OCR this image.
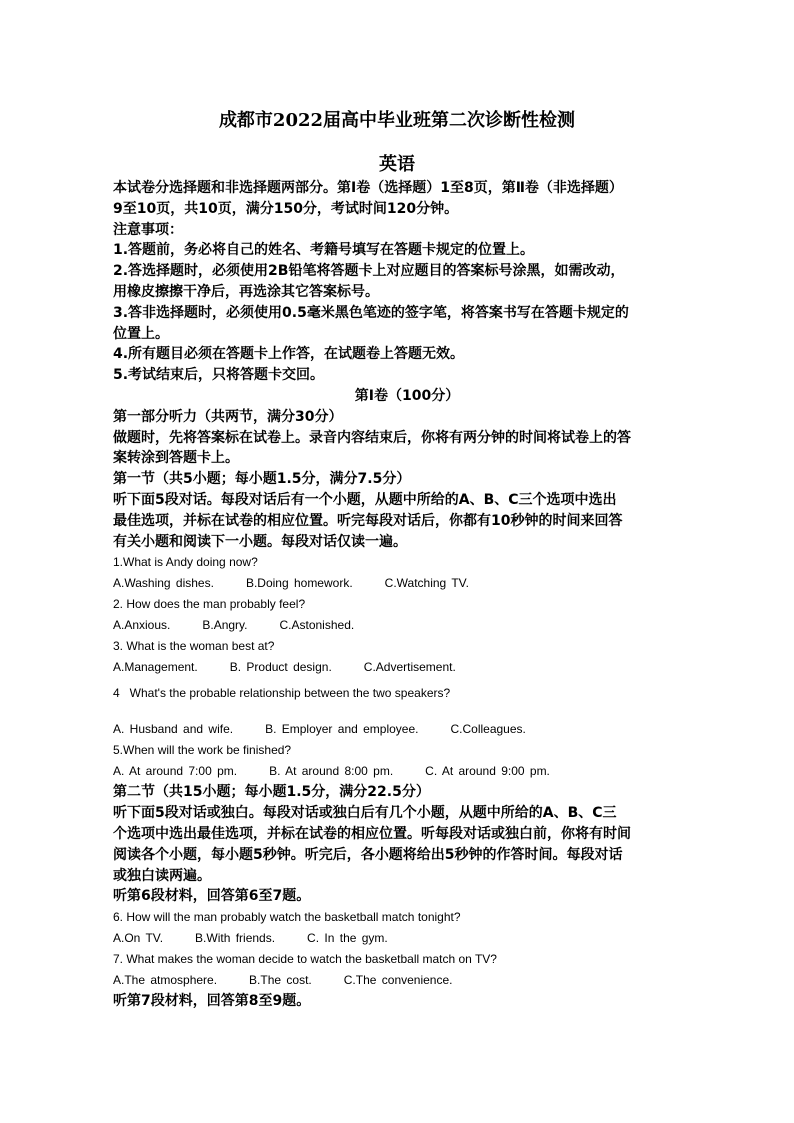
成都市2022届高中毕业班第二次诊断性检测
英语

本试卷分选择题和非选择题两部分。第Ⅰ卷（选择题）1至8页，第Ⅱ卷（非选择题）

9至10页，共10页，满分150分，考试时间120分钟。

注意事项：

1.答题前，务必将自己的姓名、考籍号填写在答题卡规定的位置上。

2.答选择题时，必须使用2B铅笔将答题卡上对应题目的答案标号涂黑，如需改动，

用橡皮擦擦干净后，再选涂其它答案标号。

3.答非选择题时，必须使用0.5毫米黑色笔迹的签字笔，将答案书写在答题卡规定的

位置上。

4.所有题目必须在答题卡上作答，在试题卷上答题无效。

5.考试结束后，只将答题卡交回。

第Ⅰ卷（100分）

第一部分听力（共两节，满分30分）

做题时，先将答案标在试卷上。录音内容结束后，你将有两分钟的时间将试卷上的答

案转涂到答题卡上。

第一节（共5小题；每小题1.5分，满分7.5分）

听下面5段对话。每段对话后有一个小题，从题中所给的A、B、C三个选项中选出

最佳选项，并标在试卷的相应位置。听完每段对话后，你都有10秒钟的时间来回答

有关小题和阅读下一小题。每段对话仅读一遍。

1.What is Andy doing now?

A.Washing dishes.      B.Doing homework.      C.Watching TV.

2. How does the man probably feel?

A.Anxious.      B.Angry.      C.Astonished.

3. What is the woman best at?

A.Management.      B. Product design.      C.Advertisement.

4   What's the probable relationship between the two speakers?

A. Husband and wife.      B. Employer and employee.      C.Colleagues.

5.When will the work be finished?

A. At around 7:00 pm.      B. At around 8:00 pm.      C. At around 9:00 pm.

第二节（共15小题；每小题1.5分，满分22.5分）

听下面5段对话或独白。每段对话或独白后有几个小题，从题中所给的A、B、C三

个选项中选出最佳选项，并标在试卷的相应位置。听每段对话或独白前，你将有时间

阅读各个小题，每小题5秒钟。听完后，各小题将给出5秒钟的作答时间。每段对话

或独白读两遍。

听第6段材料，回答第6至7题。

6. How will the man probably watch the basketball match tonight?

A.On TV.      B.With friends.      C. In the gym.

7. What makes the woman decide to watch the basketball match on TV?

A.The atmosphere.      B.The cost.      C.The convenience.

听第7段材料，回答第8至9题。
